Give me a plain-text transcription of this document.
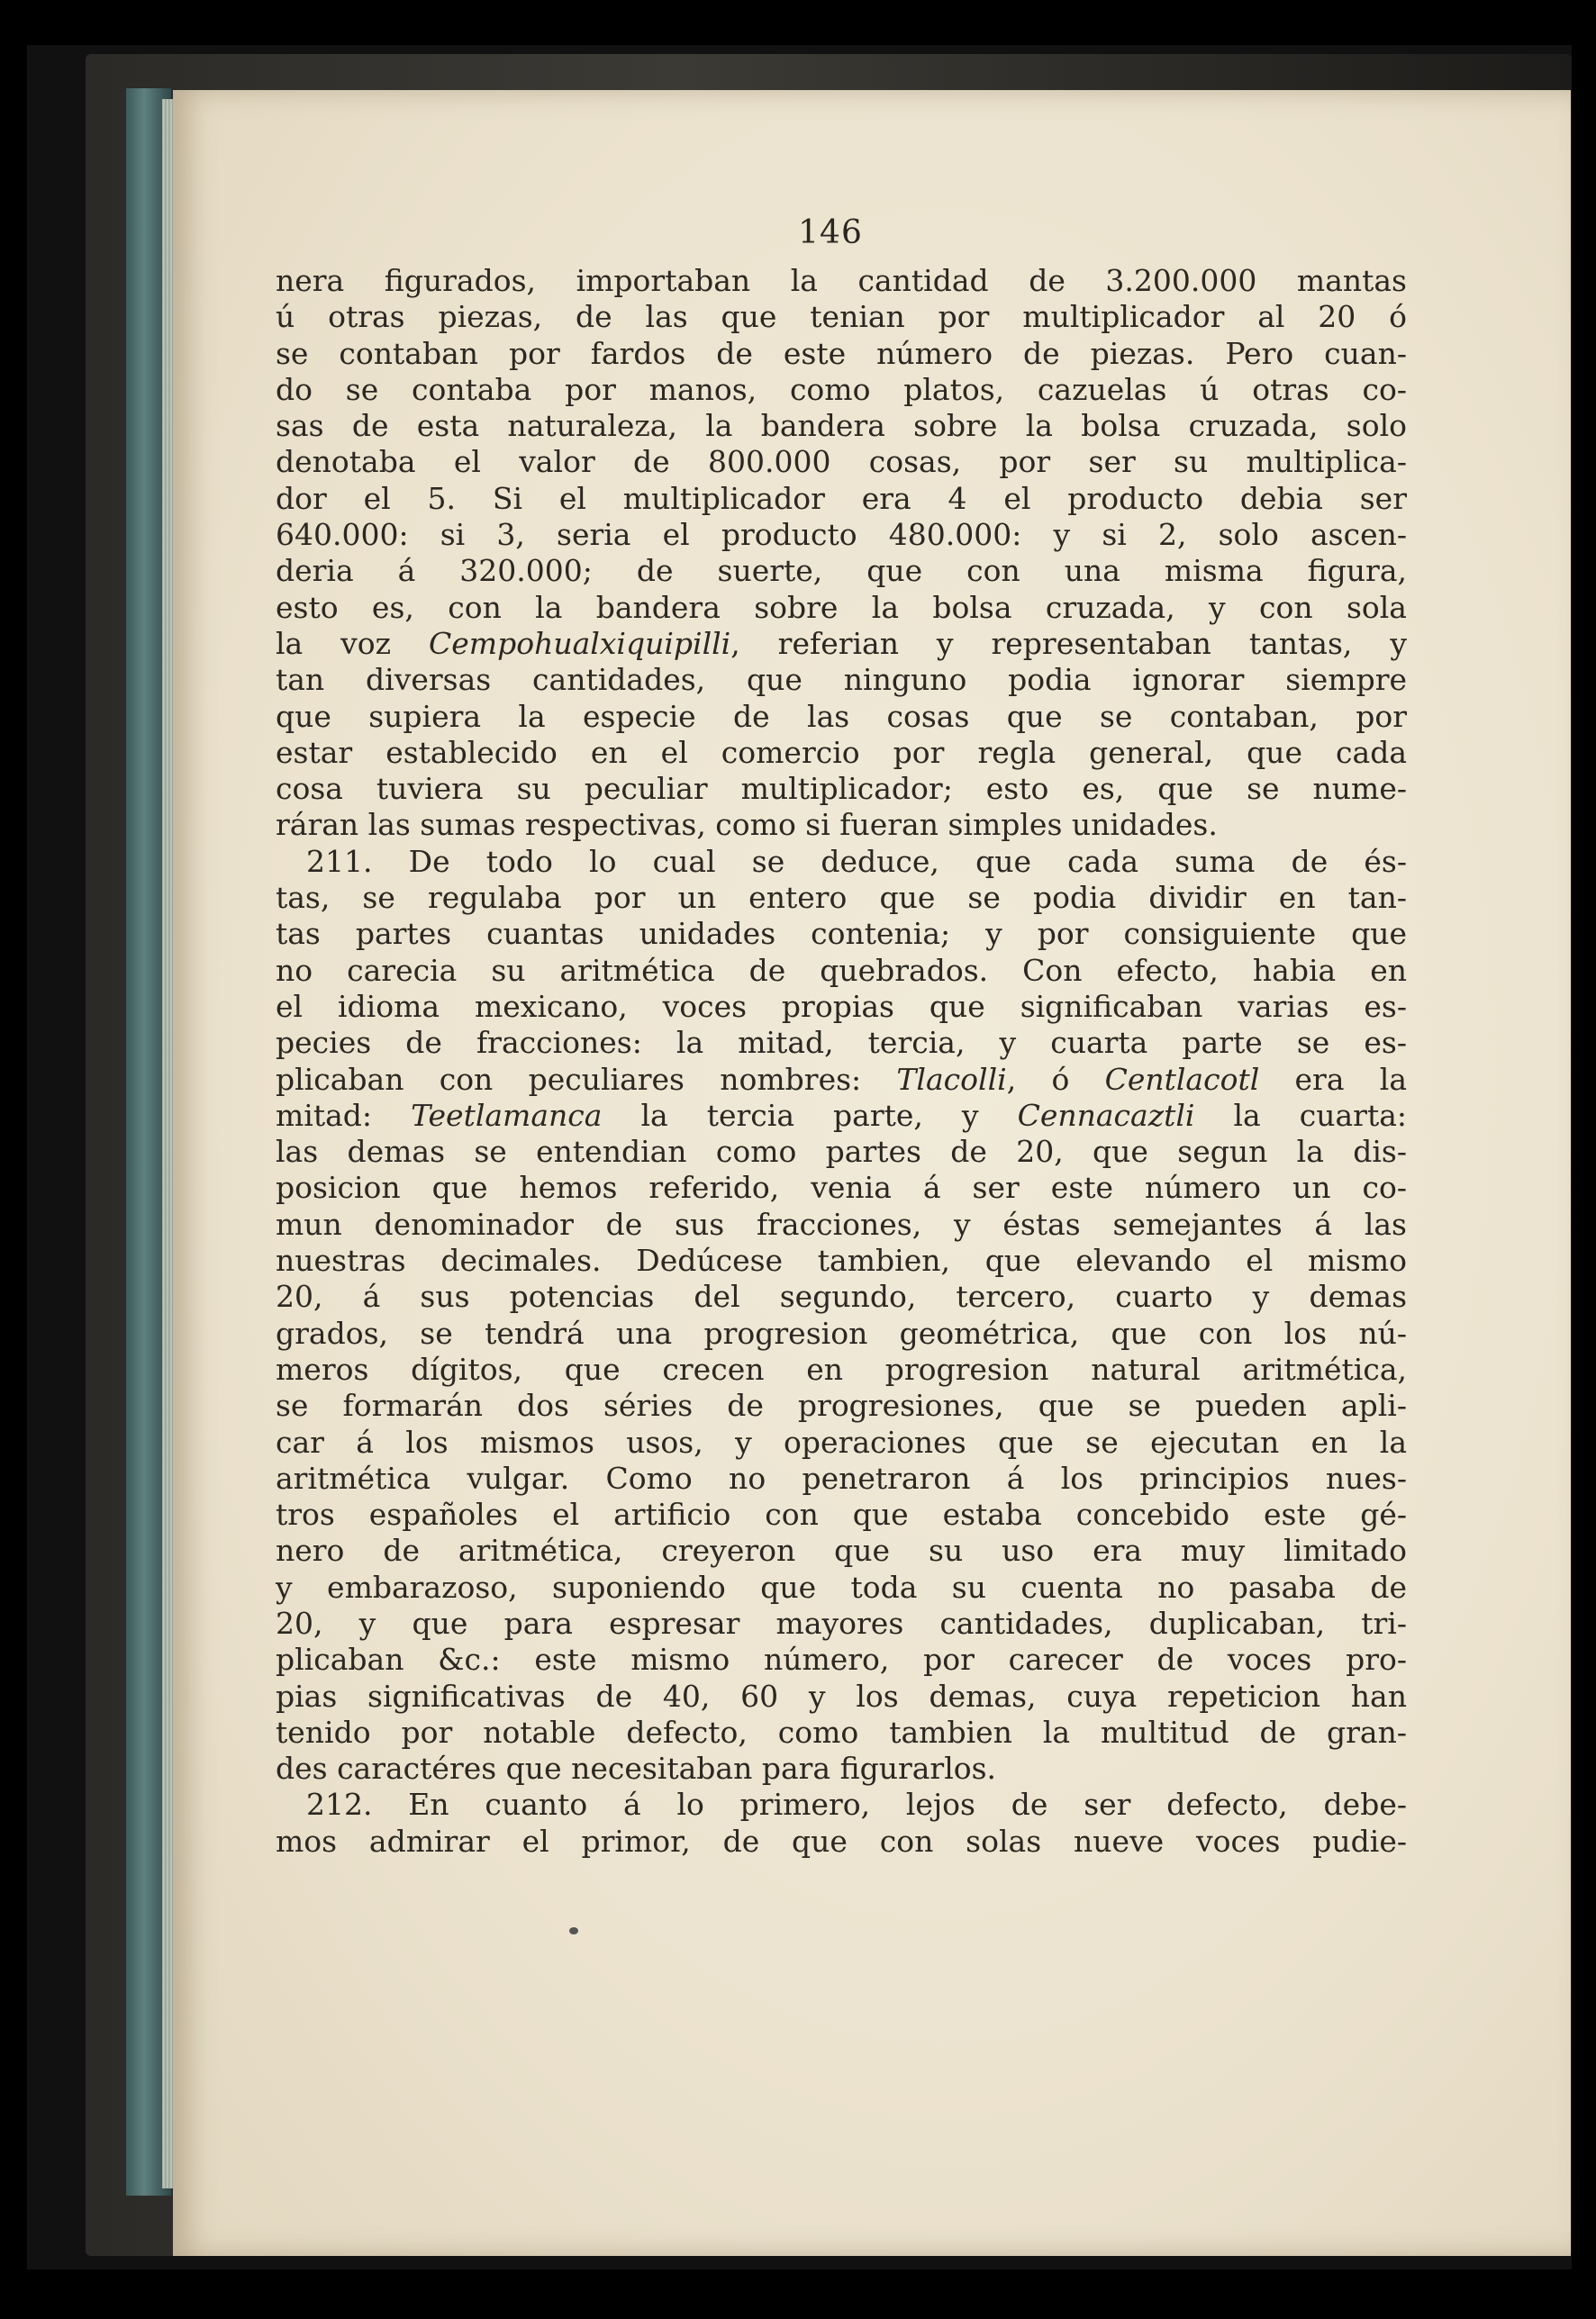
146
nera figurados, importaban la cantidad de 3.200.000 mantas
ú otras piezas, de las que tenian por multiplicador al 20 ó
se contaban por fardos de este número de piezas. Pero cuan-
do se contaba por manos, como platos, cazuelas ú otras co-
sas de esta naturaleza, la bandera sobre la bolsa cruzada, solo
denotaba el valor de 800.000 cosas, por ser su multiplica-
dor el 5. Si el multiplicador era 4 el producto debia ser
640.000: si 3, seria el producto 480.000: y si 2, solo ascen-
deria á 320.000; de suerte, que con una misma figura,
esto es, con la bandera sobre la bolsa cruzada, y con sola
la voz Cempohualxiquipilli, referian y representaban tantas, y
tan diversas cantidades, que ninguno podia ignorar siempre
que supiera la especie de las cosas que se contaban, por
estar establecido en el comercio por regla general, que cada
cosa tuviera su peculiar multiplicador; esto es, que se nume-
ráran las sumas respectivas, como si fueran simples unidades.
211. De todo lo cual se deduce, que cada suma de és-
tas, se regulaba por un entero que se podia dividir en tan-
tas partes cuantas unidades contenia; y por consiguiente que
no carecia su aritmética de quebrados. Con efecto, habia en
el idioma mexicano, voces propias que significaban varias es-
pecies de fracciones: la mitad, tercia, y cuarta parte se es-
plicaban con peculiares nombres: Tlacolli, ó Centlacotl era la
mitad: Teetlamanca la tercia parte, y Cennacaztli la cuarta:
las demas se entendian como partes de 20, que segun la dis-
posicion que hemos referido, venia á ser este número un co-
mun denominador de sus fracciones, y éstas semejantes á las
nuestras decimales. Dedúcese tambien, que elevando el mismo
20, á sus potencias del segundo, tercero, cuarto y demas
grados, se tendrá una progresion geométrica, que con los nú-
meros dígitos, que crecen en progresion natural aritmética,
se formarán dos séries de progresiones, que se pueden apli-
car á los mismos usos, y operaciones que se ejecutan en la
aritmética vulgar. Como no penetraron á los principios nues-
tros españoles el artificio con que estaba concebido este gé-
nero de aritmética, creyeron que su uso era muy limitado
y embarazoso, suponiendo que toda su cuenta no pasaba de
20, y que para espresar mayores cantidades, duplicaban, tri-
plicaban &c.: este mismo número, por carecer de voces pro-
pias significativas de 40, 60 y los demas, cuya repeticion han
tenido por notable defecto, como tambien la multitud de gran-
des caractéres que necesitaban para figurarlos.
212. En cuanto á lo primero, lejos de ser defecto, debe-
mos admirar el primor, de que con solas nueve voces pudie-
